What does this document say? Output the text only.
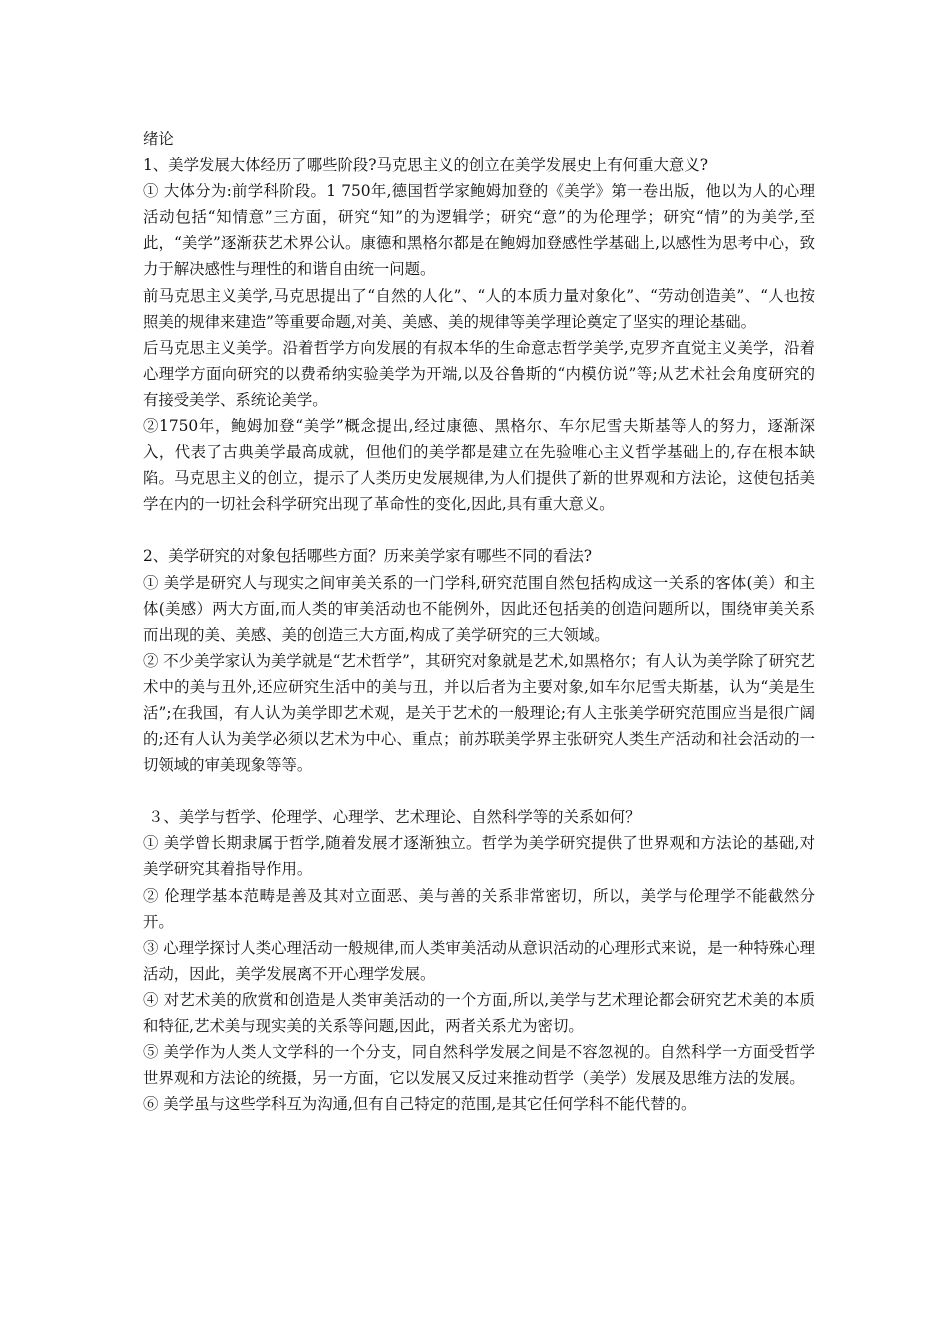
绪论

1、美学发展大体经历了哪些阶段?马克思主义的创立在美学发展史上有何重大意义?

① 大体分为:前学科阶段。1 750年,德国哲学家鲍姆加登的《美学》第一卷出版，他以为人的心理活动包括“知情意”三方面，研究“知”的为逻辑学；研究“意”的为伦理学；研究“情”的为美学,至此，“美学”逐渐获艺术界公认。康德和黑格尔都是在鲍姆加登感性学基础上,以感性为思考中心，致力于解决感性与理性的和谐自由统一问题。

前马克思主义美学,马克思提出了“自然的人化”、“人的本质力量对象化”、“劳动创造美”、“人也按照美的规律来建造”等重要命题,对美、美感、美的规律等美学理论奠定了坚实的理论基础。

后马克思主义美学。沿着哲学方向发展的有叔本华的生命意志哲学美学,克罗齐直觉主义美学，沿着心理学方面向研究的以费希纳实验美学为开端,以及谷鲁斯的“内模仿说”等;从艺术社会角度研究的有接受美学、系统论美学。

②1750年，鲍姆加登“美学”概念提出,经过康德、黑格尔、车尔尼雪夫斯基等人的努力，逐渐深入，代表了古典美学最高成就，但他们的美学都是建立在先验唯心主义哲学基础上的,存在根本缺陷。马克思主义的创立，提示了人类历史发展规律,为人们提供了新的世界观和方法论，这使包括美学在内的一切社会科学研究出现了革命性的变化,因此,具有重大意义。

2、美学研究的对象包括哪些方面？历来美学家有哪些不同的看法?

① 美学是研究人与现实之间审美关系的一门学科,研究范围自然包括构成这一关系的客体(美）和主体(美感）两大方面,而人类的审美活动也不能例外，因此还包括美的创造问题所以，围绕审美关系而出现的美、美感、美的创造三大方面,构成了美学研究的三大领域。

② 不少美学家认为美学就是“艺术哲学”，其研究对象就是艺术,如黑格尔；有人认为美学除了研究艺术中的美与丑外,还应研究生活中的美与丑，并以后者为主要对象,如车尔尼雪夫斯基，认为“美是生活”;在我国，有人认为美学即艺术观，是关于艺术的一般理论;有人主张美学研究范围应当是很广阔的;还有人认为美学必须以艺术为中心、重点；前苏联美学界主张研究人类生产活动和社会活动的一切领域的审美现象等等。

３、美学与哲学、伦理学、心理学、艺术理论、自然科学等的关系如何？

① 美学曾长期隶属于哲学,随着发展才逐渐独立。哲学为美学研究提供了世界观和方法论的基础,对美学研究其着指导作用。

② 伦理学基本范畴是善及其对立面恶、美与善的关系非常密切，所以，美学与伦理学不能截然分开。

③ 心理学探讨人类心理活动一般规律,而人类审美活动从意识活动的心理形式来说，是一种特殊心理活动，因此，美学发展离不开心理学发展。

④ 对艺术美的欣赏和创造是人类审美活动的一个方面,所以,美学与艺术理论都会研究艺术美的本质和特征,艺术美与现实美的关系等问题,因此，两者关系尤为密切。

⑤ 美学作为人类人文学科的一个分支，同自然科学发展之间是不容忽视的。自然科学一方面受哲学世界观和方法论的统摄，另一方面，它以发展又反过来推动哲学（美学）发展及思维方法的发展。

⑥ 美学虽与这些学科互为沟通,但有自己特定的范围,是其它任何学科不能代替的。
